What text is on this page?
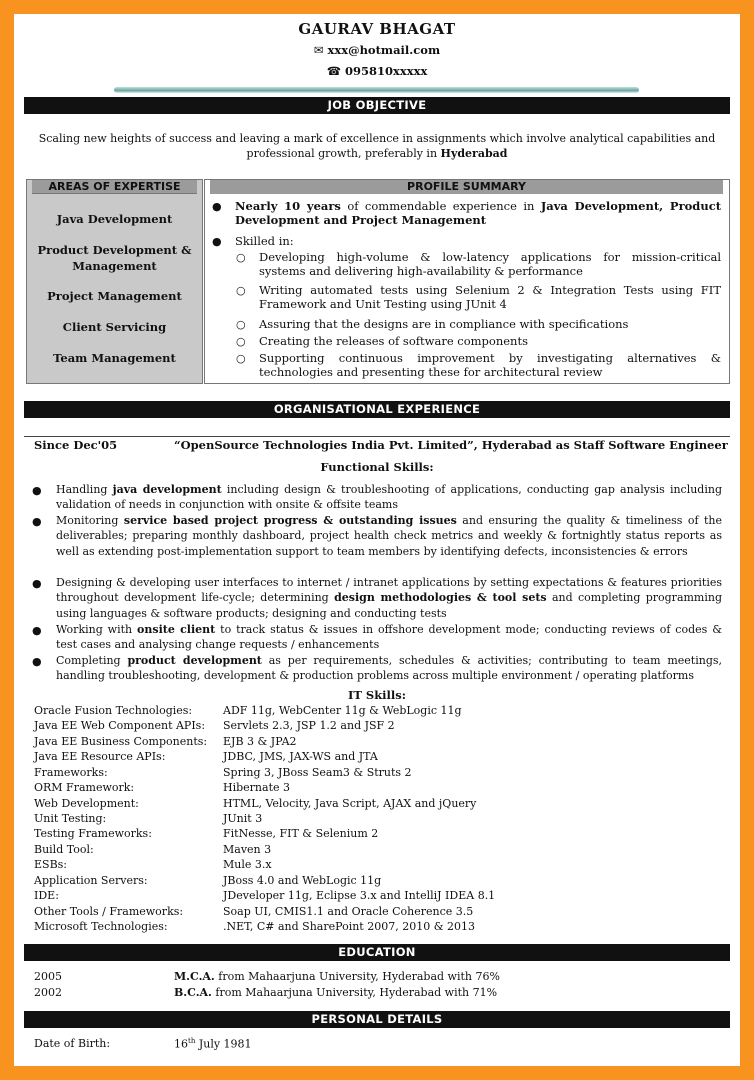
GAURAV BHAGAT
✉ xxx@hotmail.com
☎ 095810xxxxx
JOB OBJECTIVE
Scaling new heights of success and leaving a mark of excellence in assignments which involve analytical capabilities and
professional growth, preferably in Hyderabad
AREAS OF EXPERTISE
Java Development
Product Development &
Management
Project Management
Client Servicing
Team Management
PROFILE SUMMARY
● Nearly 10 years of commendable experience in Java Development, Product Development and Project Management
● Skilled in:
○ Developing high-volume & low-latency applications for mission-critical systems and delivering high-availability & performance
○ Writing automated tests using Selenium 2 & Integration Tests using FIT Framework and Unit Testing using JUnit 4
○ Assuring that the designs are in compliance with specifications
○ Creating the releases of software components
○ Supporting continuous improvement by investigating alternatives & technologies and presenting these for architectural review
ORGANISATIONAL EXPERIENCE
Since Dec'05	“OpenSource Technologies India Pvt. Limited”, Hyderabad as Staff Software Engineer
Functional Skills:
● Handling java development including design & troubleshooting of applications, conducting gap analysis including validation of needs in conjunction with onsite & offsite teams
● Monitoring service based project progress & outstanding issues and ensuring the quality & timeliness of the deliverables; preparing monthly dashboard, project health check metrics and weekly & fortnightly status reports as well as extending post-implementation support to team members by identifying defects, inconsistencies & errors
● Designing & developing user interfaces to internet / intranet applications by setting expectations & features priorities throughout development life-cycle; determining design methodologies & tool sets and completing programming using languages & software products; designing and conducting tests
● Working with onsite client to track status & issues in offshore development mode; conducting reviews of codes & test cases and analysing change requests / enhancements
● Completing product development as per requirements, schedules & activities; contributing to team meetings, handling troubleshooting, development & production problems across multiple environment / operating platforms
IT Skills:
Oracle Fusion Technologies:	ADF 11g, WebCenter 11g & WebLogic 11g
Java EE Web Component APIs: Servlets 2.3, JSP 1.2 and JSF 2
Java EE Business Components: EJB 3 & JPA2
Java EE Resource APIs:	JDBC, JMS, JAX-WS and JTA
Frameworks:	Spring 3, JBoss Seam3 & Struts 2
ORM Framework:	Hibernate 3
Web Development:	HTML, Velocity, Java Script, AJAX and jQuery
Unit Testing:	JUnit 3
Testing Frameworks:	FitNesse, FIT & Selenium 2
Build Tool:	Maven 3
ESBs:	Mule 3.x
Application Servers:	JBoss 4.0 and WebLogic 11g
IDE:	JDeveloper 11g, Eclipse 3.x and IntelliJ IDEA 8.1
Other Tools / Frameworks:	Soap UI, CMIS1.1 and Oracle Coherence 3.5
Microsoft Technologies:	.NET, C# and SharePoint 2007, 2010 & 2013
EDUCATION
2005	M.C.A. from Mahaarjuna University, Hyderabad with 76%
2002	B.C.A. from Mahaarjuna University, Hyderabad with 71%
PERSONAL DETAILS
Date of Birth:	16th July 1981
